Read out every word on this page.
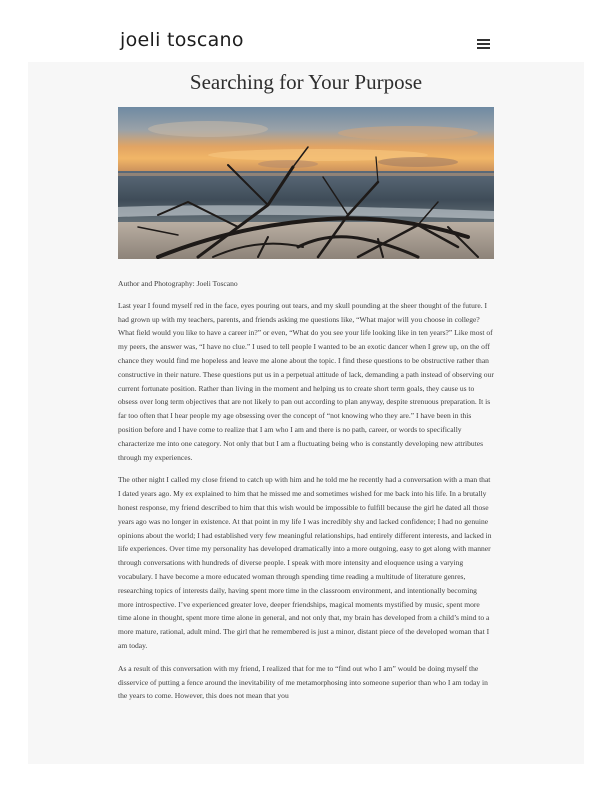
joeli toscano
Searching for Your Purpose

Author and Photography: Joeli Toscano

Last year I found myself red in the face, eyes pouring out tears, and my skull pounding at the sheer thought of the future. I had grown up with my teachers, parents, and friends asking me questions like, “What major will you choose in college? What field would you like to have a career in?” or even, “What do you see your life looking like in ten years?” Like most of my peers, the answer was, “I have no clue.” I used to tell people I wanted to be an exotic dancer when I grew up, on the off chance they would find me hopeless and leave me alone about the topic. I find these questions to be obstructive rather than constructive in their nature. These questions put us in a perpetual attitude of lack, demanding a path instead of observing our current fortunate position. Rather than living in the moment and helping us to create short term goals, they cause us to obsess over long term objectives that are not likely to pan out according to plan anyway, despite strenuous preparation. It is far too often that I hear people my age obsessing over the concept of “not knowing who they are.” I have been in this position before and I have come to realize that I am who I am and there is no path, career, or words to specifically characterize me into one category. Not only that but I am a fluctuating being who is constantly developing new attributes through my experiences.

The other night I called my close friend to catch up with him and he told me he recently had a conversation with a man that I dated years ago. My ex explained to him that he missed me and sometimes wished for me back into his life. In a brutally honest response, my friend described to him that this wish would be impossible to fulfill because the girl he dated all those years ago was no longer in existence. At that point in my life I was incredibly shy and lacked confidence; I had no genuine opinions about the world; I had established very few meaningful relationships, had entirely different interests, and lacked in life experiences. Over time my personality has developed dramatically into a more outgoing, easy to get along with manner through conversations with hundreds of diverse people. I speak with more intensity and eloquence using a varying vocabulary. I have become a more educated woman through spending time reading a multitude of literature genres, researching topics of interests daily, having spent more time in the classroom environment, and intentionally becoming more introspective. I’ve experienced greater love, deeper friendships, magical moments mystified by music, spent more time alone in thought, spent more time alone in general, and not only that, my brain has developed from a child’s mind to a more mature, rational, adult mind. The girl that he remembered is just a minor, distant piece of the developed woman that I am today.

As a result of this conversation with my friend, I realized that for me to “find out who I am” would be doing myself the disservice of putting a fence around the inevitability of me metamorphosing into someone superior than who I am today in the years to come. However, this does not mean that you
